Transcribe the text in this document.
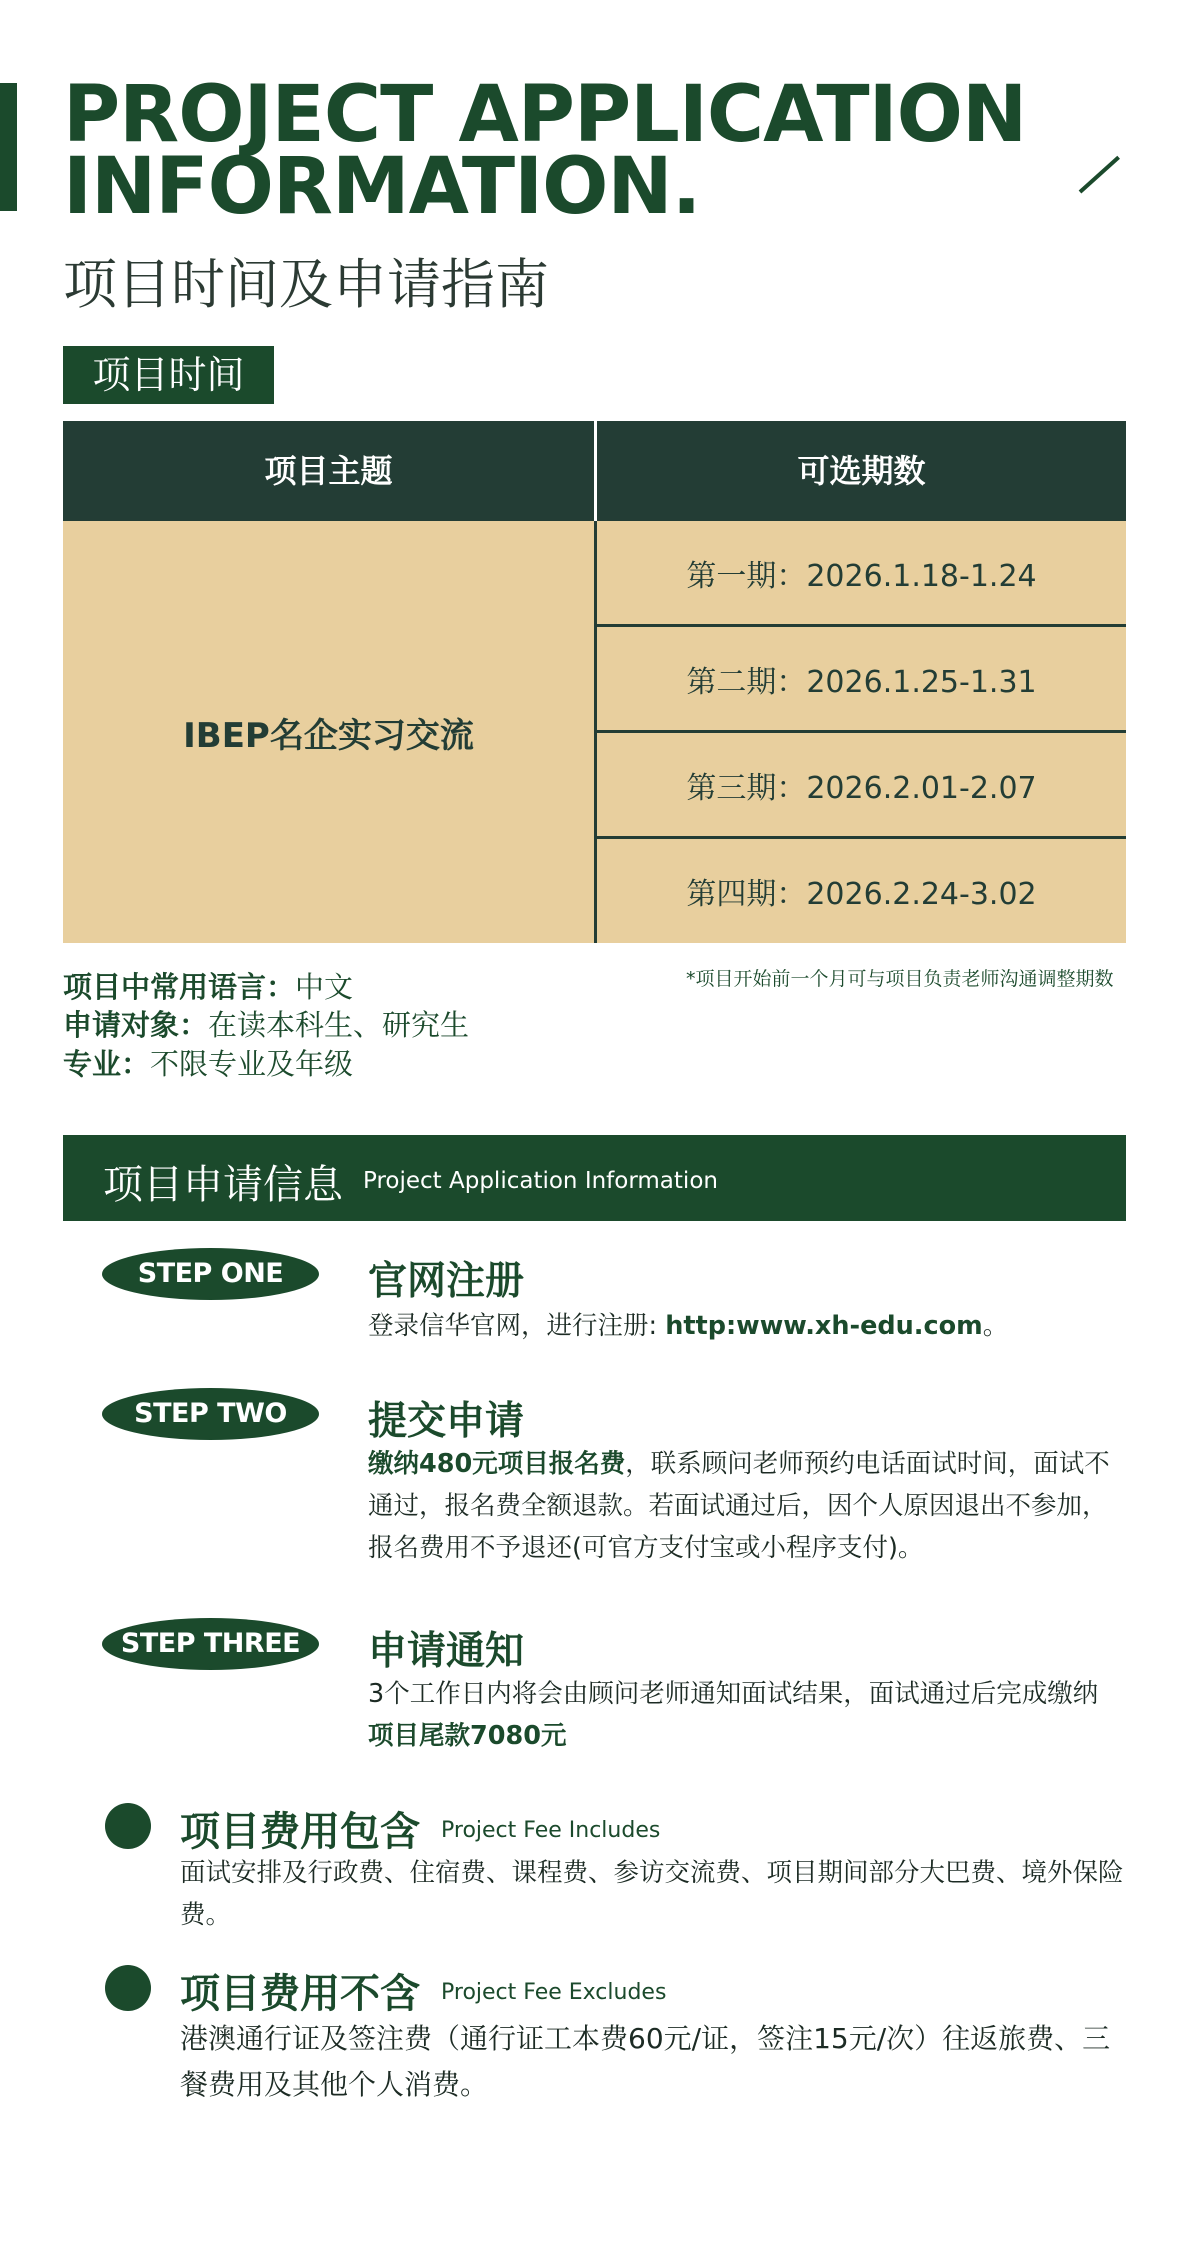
PROJECT APPLICATION
INFORMATION.
项目时间及申请指南
项目时间
项目主题	可选期数
IBEP名企实习交流
第一期：2026.1.18-1.24
第二期：2026.1.25-1.31
第三期：2026.2.01-2.07
第四期：2026.2.24-3.02
项目中常用语言：中文
申请对象：在读本科生、研究生
专业：不限专业及年级
*项目开始前一个月可与项目负责老师沟通调整期数
项目申请信息 Project Application Information
STEP ONE	官网注册
登录信华官网，进行注册: http:www.xh-edu.com。
STEP TWO	提交申请
缴纳480元项目报名费，联系顾问老师预约电话面试时间，面试不通过，报名费全额退款。若面试通过后，因个人原因退出不参加，报名费用不予退还(可官方支付宝或小程序支付)。
STEP THREE	申请通知
3个工作日内将会由顾问老师通知面试结果，面试通过后完成缴纳
项目尾款7080元
项目费用包含 Project Fee Includes
面试安排及行政费、住宿费、课程费、参访交流费、项目期间部分大巴费、境外保险费。
项目费用不含 Project Fee Excludes
港澳通行证及签注费（通行证工本费60元/证，签注15元/次）往返旅费、三餐费用及其他个人消费。
